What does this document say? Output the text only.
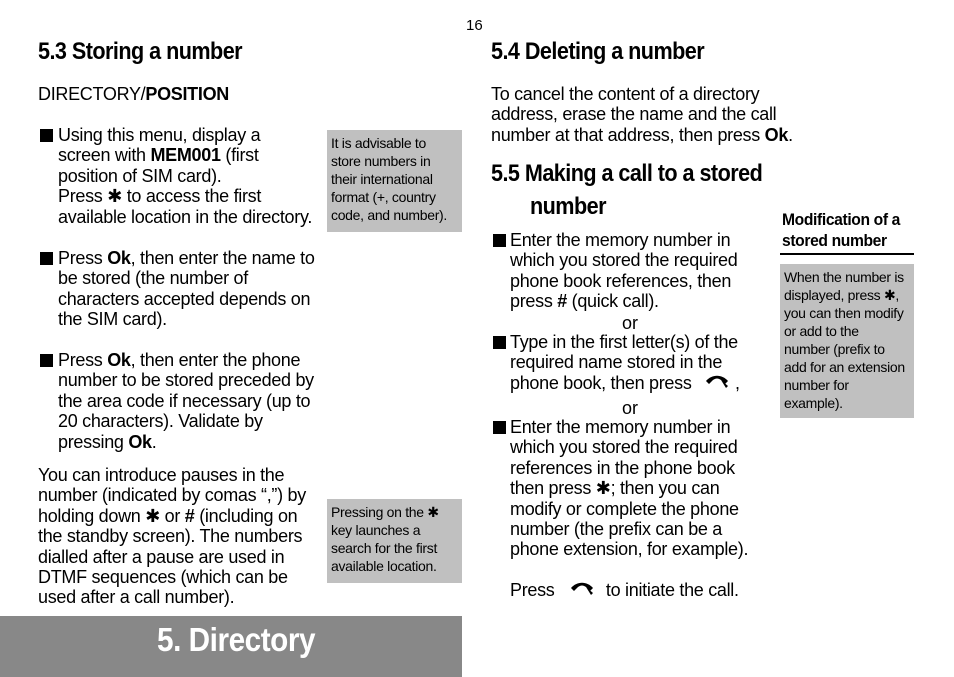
16
5.3 Storing a number
DIRECTORY/POSITION
Using this menu, display a
screen with MEM001 (first
position of SIM card).
Press ✱ to access the first
available location in the directory.
Press Ok, then enter the name to
be stored (the number of
characters accepted depends on
the SIM card).
Press Ok, then enter the phone
number to be stored preceded by
the area code if necessary (up to
20 characters). Validate by
pressing Ok.
You can introduce pauses in the
number (indicated by comas “,”) by
holding down ✱ or # (including on
the standby screen). The numbers
dialled after a pause are used in
DTMF sequences (which can be
used after a call number).
It is advisable to
store numbers in
their international
format (+, country
code, and number).
Pressing on the ✱
key launches a
search for the first
available location.
5. Directory
5.4 Deleting a number
To cancel the content of a directory
address, erase the name and the call
number at that address, then press Ok.
5.5 Making a call to a stored
number
Enter the memory number in
which you stored the required
phone book references, then
press # (quick call).
or
Type in the first letter(s) of the
required name stored in the
phone book, then press  ,
or
Enter the memory number in
which you stored the required
references in the phone book
then press ✱; then you can
modify or complete the phone
number (the prefix can be a
phone extension, for example).
Press	to initiate the call.
Modification of a
stored number
When the number is
displayed, press ✱,
you can then modify
or add to the
number (prefix to
add for an extension
number for
example).
